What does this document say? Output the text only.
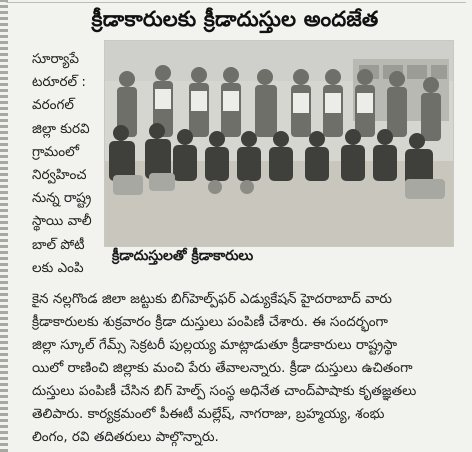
క్రీడాకారులకు క్రీడాదుస్తుల అందజేత
సూర్యాపే
టరూరల్ :
వరంగల్
జిల్లా కురవి
గ్రామంలో
నిర్వహించ
నున్న రాష్ట్ర
స్థాయి వాలీ
బాల్ పోటీ
లకు ఎంపి
క్రీడాదుస్తులతో క్రీడాకారులు
కైన నల్లగొండ జిలా జట్టుకు బిగ్‌హెల్ప్‌ఫర్ ఎడ్యుకేషన్ హైదరాబాద్ వారు
క్రీడాకారులకు శుక్రవారం క్రీడా దుస్తులు పంపిణీ చేశారు. ఈ సందర్భంగా
జిల్లా స్కూల్ గేమ్స్ సెక్రటరీ పుల్లయ్య మాట్లాడుతూ క్రీడాకారులు రాష్ట్రస్థా
యిలో రాణించి జిల్లాకు మంచి పేరు తేవాలన్నారు. క్రీడా దుస్తులు ఉచితంగా
దుస్తులు పంపిణీ చేసిన బిగ్ హెల్ప్ సంస్థ అధినేత చాంద్‌పాషాకు కృతజ్ఞతలు
తెలిపారు. కార్యక్రమంలో పీఈటీ మల్లేష్, నాగరాజు, బ్రహ్మయ్య, శంభు
లింగం, రవి తదితరులు పాల్గొన్నారు.
